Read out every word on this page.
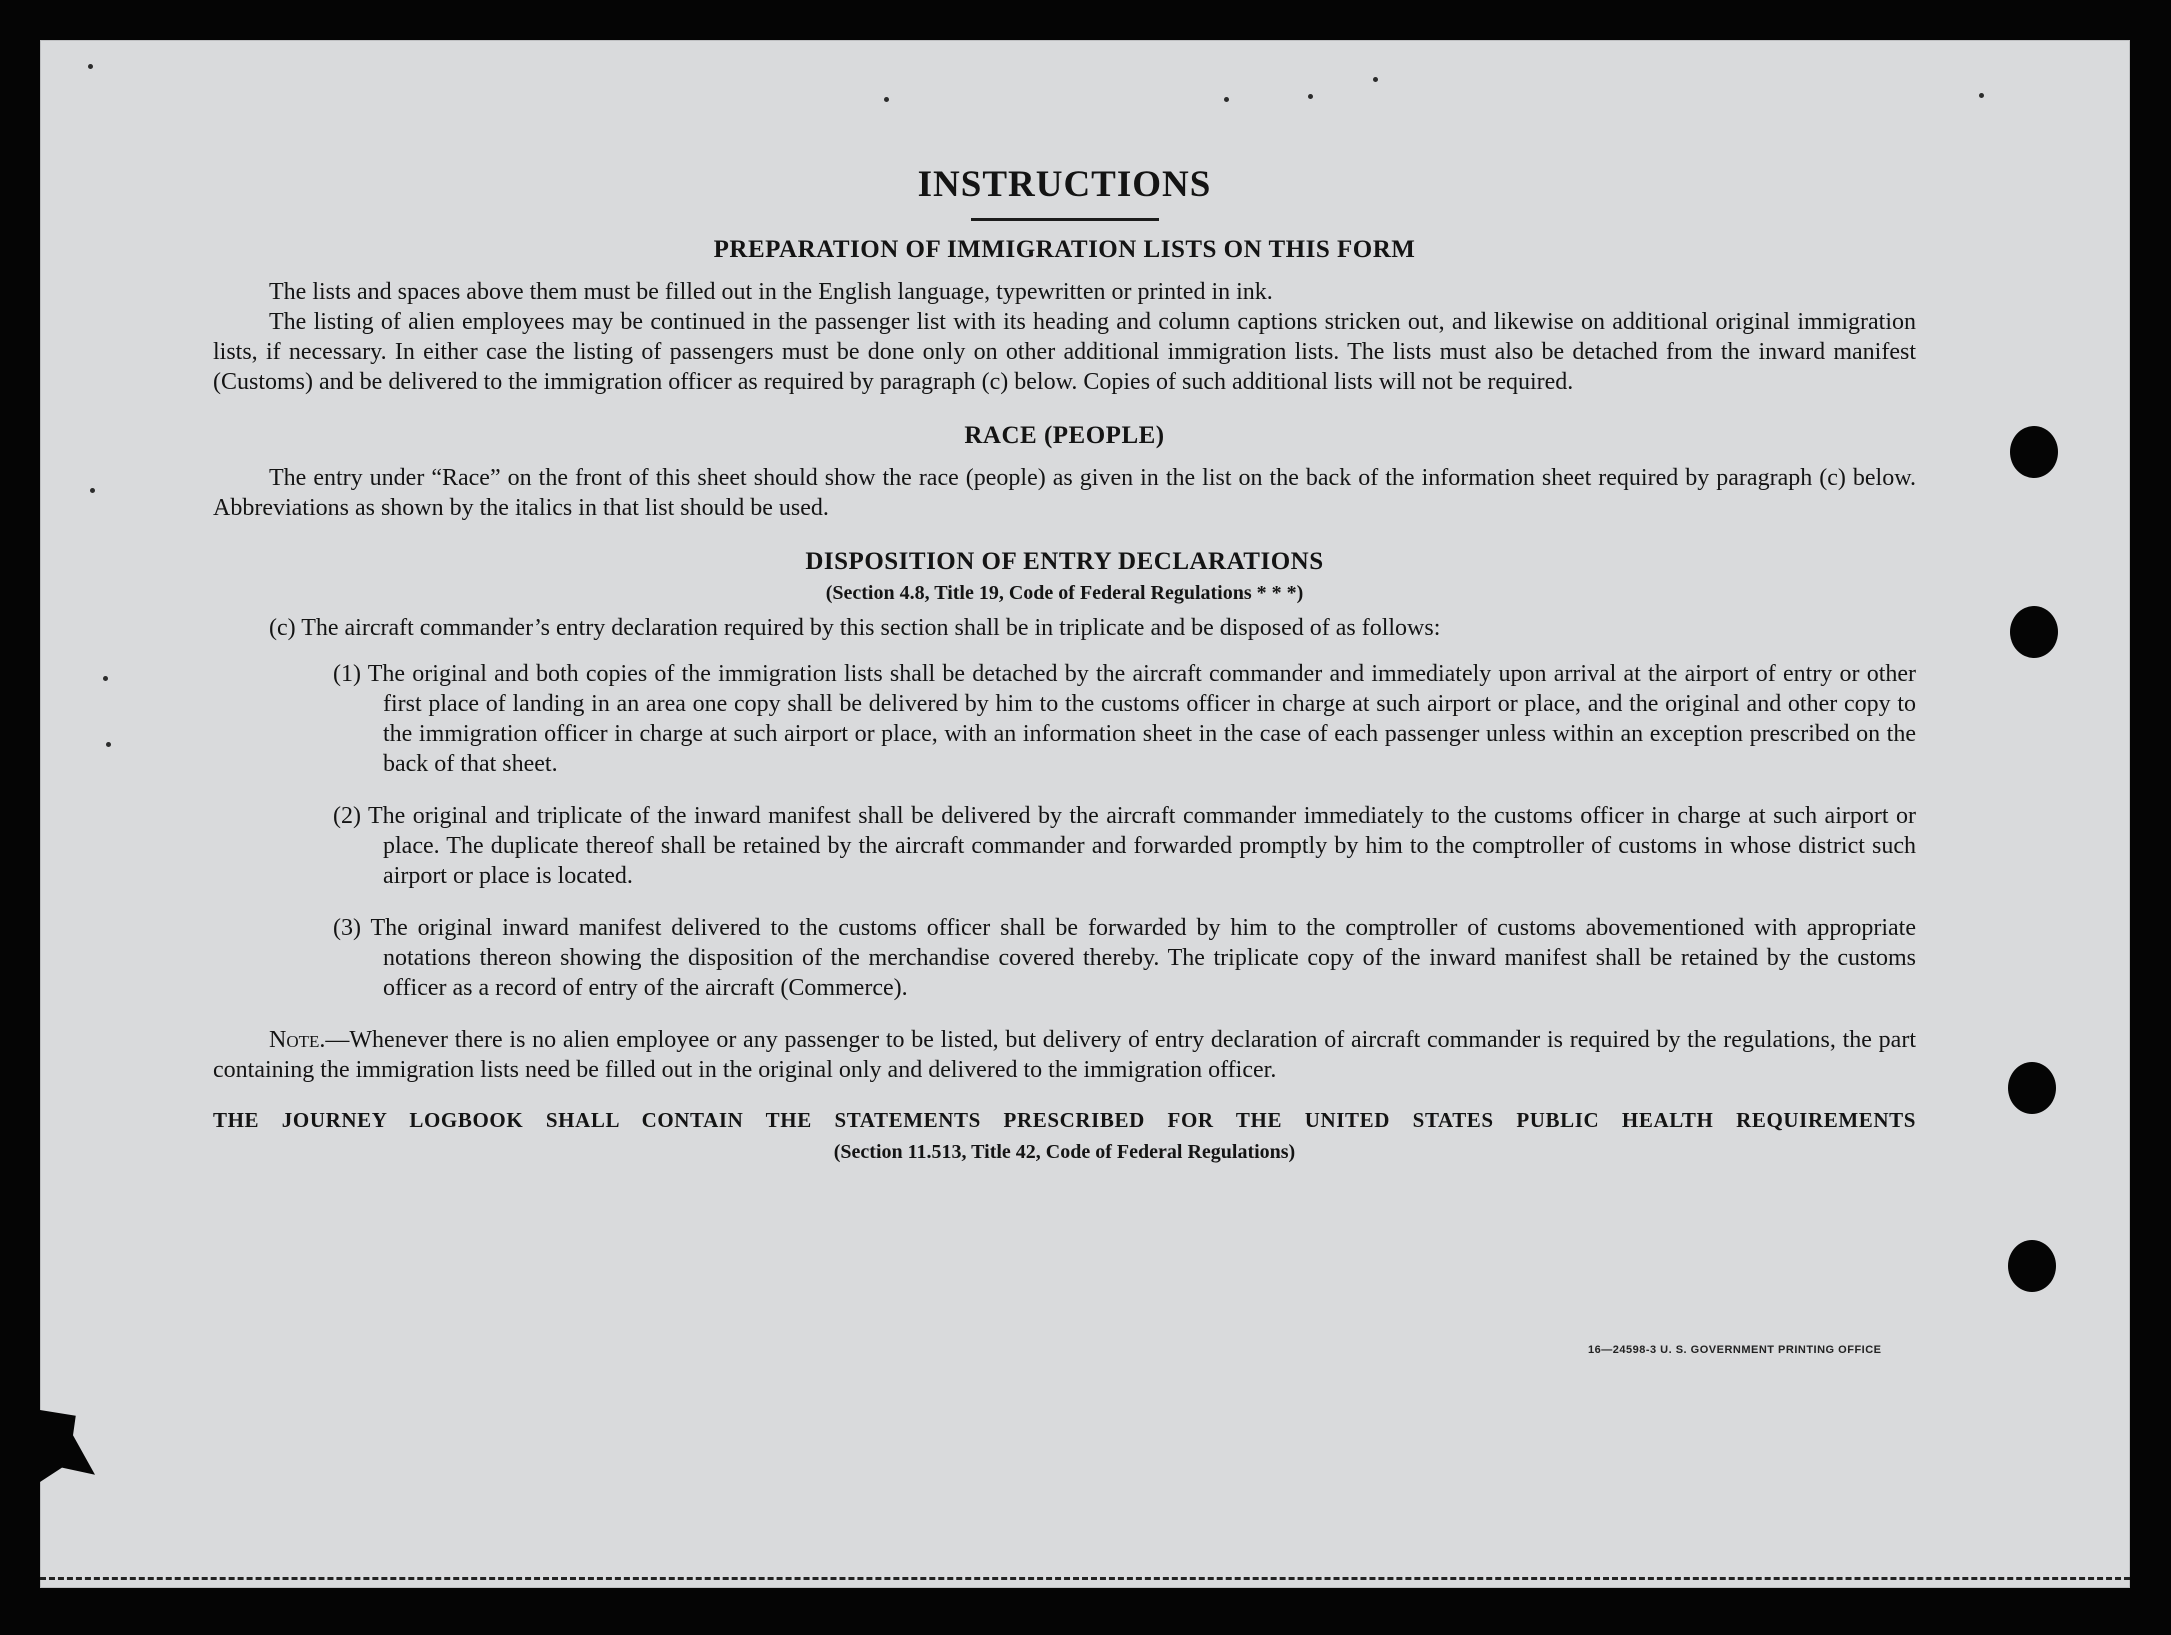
INSTRUCTIONS
PREPARATION OF IMMIGRATION LISTS ON THIS FORM

The lists and spaces above them must be filled out in the English language, typewritten or printed in ink.

The listing of alien employees may be continued in the passenger list with its heading and column captions stricken out, and likewise on additional original immigration lists, if necessary. In either case the listing of passengers must be done only on other additional immigration lists. The lists must also be detached from the inward manifest (Customs) and be delivered to the immigration officer as required by paragraph (c) below. Copies of such additional lists will not be required.

RACE (PEOPLE)

The entry under “Race” on the front of this sheet should show the race (people) as given in the list on the back of the information sheet required by paragraph (c) below. Abbreviations as shown by the italics in that list should be used.

DISPOSITION OF ENTRY DECLARATIONS
(Section 4.8, Title 19, Code of Federal Regulations * * *)

(c) The aircraft commander’s entry declaration required by this section shall be in triplicate and be disposed of as follows:

(1) The original and both copies of the immigration lists shall be detached by the aircraft commander and immediately upon arrival at the airport of entry or other first place of landing in an area one copy shall be delivered by him to the customs officer in charge at such airport or place, and the original and other copy to the immigration officer in charge at such airport or place, with an information sheet in the case of each passenger unless within an exception prescribed on the back of that sheet.

(2) The original and triplicate of the inward manifest shall be delivered by the aircraft commander immediately to the customs officer in charge at such airport or place. The duplicate thereof shall be retained by the aircraft commander and forwarded promptly by him to the comptroller of customs in whose district such airport or place is located.

(3) The original inward manifest delivered to the customs officer shall be forwarded by him to the comptroller of customs abovementioned with appropriate notations thereon showing the disposition of the merchandise covered thereby. The triplicate copy of the inward manifest shall be retained by the customs officer as a record of entry of the aircraft (Commerce).

Note.—Whenever there is no alien employee or any passenger to be listed, but delivery of entry declaration of aircraft commander is required by the regulations, the part containing the immigration lists need be filled out in the original only and delivered to the immigration officer.

THE JOURNEY LOGBOOK SHALL CONTAIN THE STATEMENTS PRESCRIBED FOR THE UNITED STATES PUBLIC HEALTH REQUIREMENTS
(Section 11.513, Title 42, Code of Federal Regulations)
16—24598-3 U. S. GOVERNMENT PRINTING OFFICE
